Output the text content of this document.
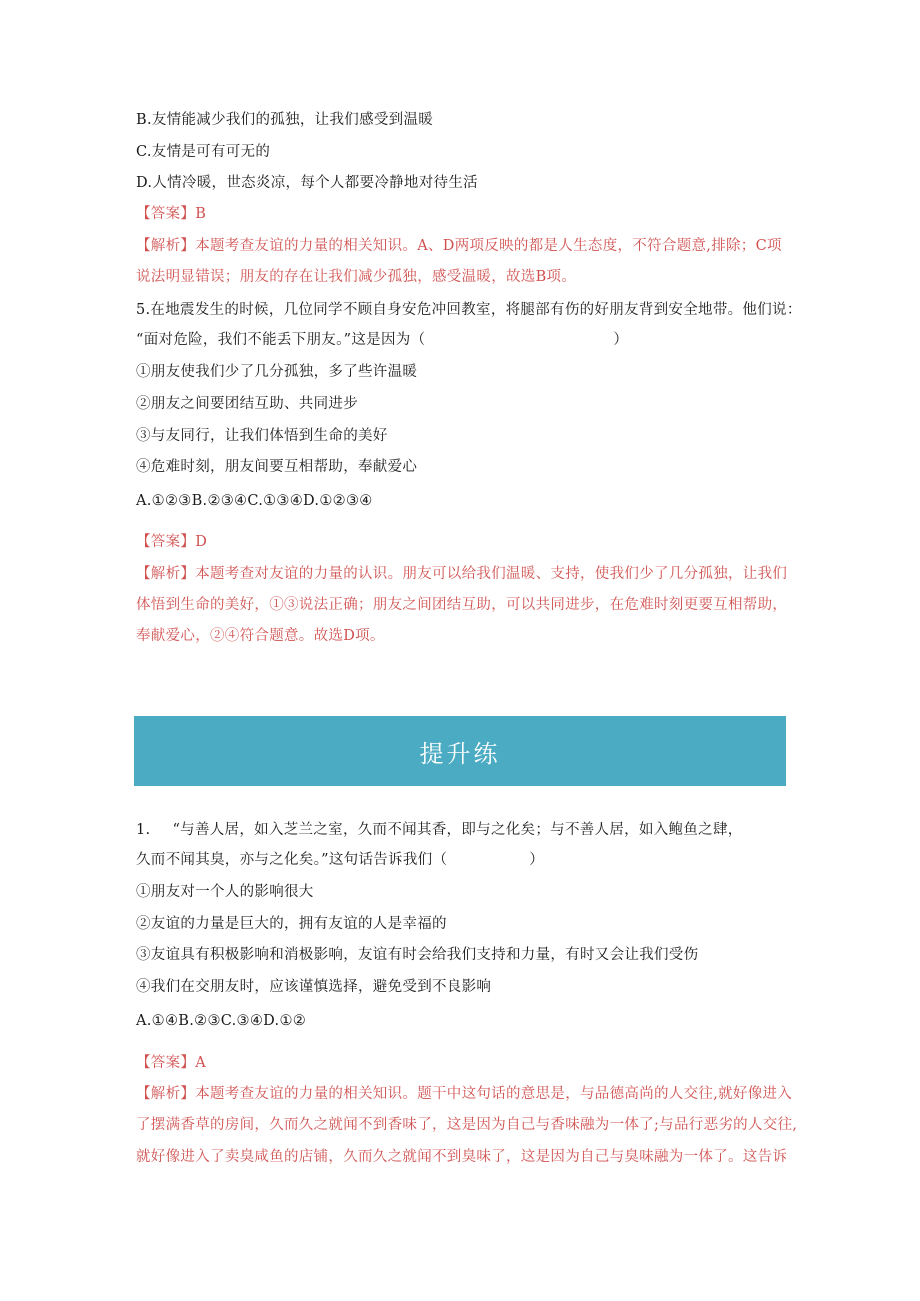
B.友情能减少我们的孤独，让我们感受到温暖
C.友情是可有可无的
D.人情冷暖，世态炎凉，每个人都要冷静地对待生活
【答案】B
【解析】本题考查友谊的力量的相关知识。A、D两项反映的都是人生态度，不符合题意,排除；C项
说法明显错误；朋友的存在让我们减少孤独，感受温暖，故选B项。
5.在地震发生的时候，几位同学不顾自身安危冲回教室，将腿部有伤的好朋友背到安全地带。他们说：
“面对危险，我们不能丢下朋友。”这是因为（	）
①朋友使我们少了几分孤独，多了些许温暖
②朋友之间要团结互助、共同进步
③与友同行，让我们体悟到生命的美好
④危难时刻，朋友间要互相帮助，奉献爱心
A.①②③B.②③④C.①③④D.①②③④
【答案】D
【解析】本题考查对友谊的力量的认识。朋友可以给我们温暖、支持，使我们少了几分孤独，让我们
体悟到生命的美好，①③说法正确；朋友之间团结互助，可以共同进步，在危难时刻更要互相帮助，
奉献爱心，②④符合题意。故选D项。
提升练
1. “与善人居，如入芝兰之室，久而不闻其香，即与之化矣；与不善人居，如入鲍鱼之肆，
久而不闻其臭，亦与之化矣。”这句话告诉我们（	）
①朋友对一个人的影响很大
②友谊的力量是巨大的，拥有友谊的人是幸福的
③友谊具有积极影响和消极影响，友谊有时会给我们支持和力量，有时又会让我们受伤
④我们在交朋友时，应该谨慎选择，避免受到不良影响
A.①④B.②③C.③④D.①②
【答案】A
【解析】本题考查友谊的力量的相关知识。题干中这句话的意思是，与品德高尚的人交往,就好像进入
了摆满香草的房间，久而久之就闻不到香味了，这是因为自己与香味融为一体了;与品行恶劣的人交往,
就好像进入了卖臭咸鱼的店铺，久而久之就闻不到臭味了，这是因为自己与臭味融为一体了。这告诉
